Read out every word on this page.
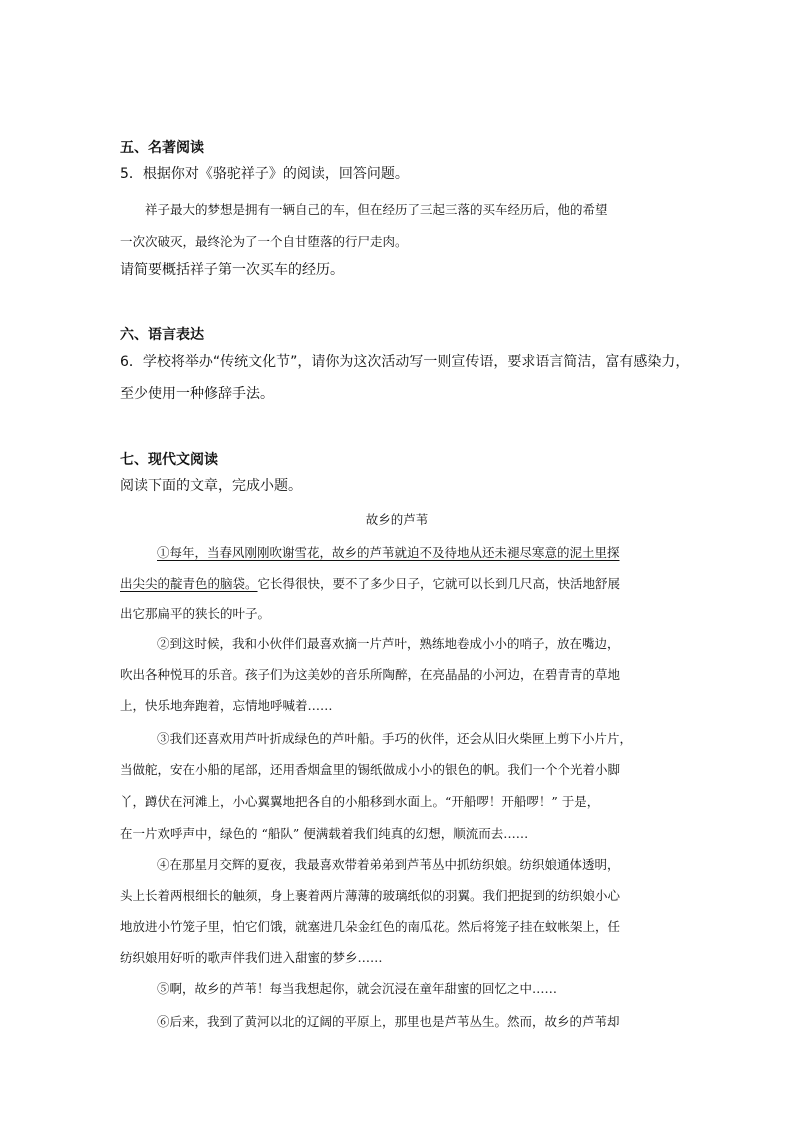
五、名著阅读
5．根据你对《骆驼祥子》的阅读，回答问题。
祥子最大的梦想是拥有一辆自己的车，但在经历了三起三落的买车经历后，他的希望
一次次破灭，最终沦为了一个自甘堕落的行尸走肉。
请简要概括祥子第一次买车的经历。
六、语言表达
6．学校将举办“传统文化节”，请你为这次活动写一则宣传语，要求语言简洁，富有感染力，
至少使用一种修辞手法。
七、现代文阅读
阅读下面的文章，完成小题。
故乡的芦苇
①每年，当春风刚刚吹谢雪花，故乡的芦苇就迫不及待地从还未褪尽寒意的泥土里探
出尖尖的靛青色的脑袋。它长得很快，要不了多少日子，它就可以长到几尺高，快活地舒展
出它那扁平的狭长的叶子。
②到这时候，我和小伙伴们最喜欢摘一片芦叶，熟练地卷成小小的哨子，放在嘴边，
吹出各种悦耳的乐音。孩子们为这美妙的音乐所陶醉，在亮晶晶的小河边，在碧青青的草地
上，快乐地奔跑着，忘情地呼喊着……
③我们还喜欢用芦叶折成绿色的芦叶船。手巧的伙伴，还会从旧火柴匣上剪下小片片，
当做舵，安在小船的尾部，还用香烟盒里的锡纸做成小小的银色的帆。我们一个个光着小脚
丫，蹲伏在河滩上，小心翼翼地把各自的小船移到水面上。“开船啰！开船啰！” 于是，
在一片欢呼声中，绿色的 “船队” 便满载着我们纯真的幻想，顺流而去……
④在那星月交辉的夏夜，我最喜欢带着弟弟到芦苇丛中抓纺织娘。纺织娘通体透明，
头上长着两根细长的触须，身上裹着两片薄薄的玻璃纸似的羽翼。我们把捉到的纺织娘小心
地放进小竹笼子里，怕它们饿，就塞进几朵金红色的南瓜花。然后将笼子挂在蚊帐架上，任
纺织娘用好听的歌声伴我们进入甜蜜的梦乡……
⑤啊，故乡的芦苇！每当我想起你，就会沉浸在童年甜蜜的回忆之中……
⑥后来，我到了黄河以北的辽阔的平原上，那里也是芦苇丛生。然而，故乡的芦苇却
